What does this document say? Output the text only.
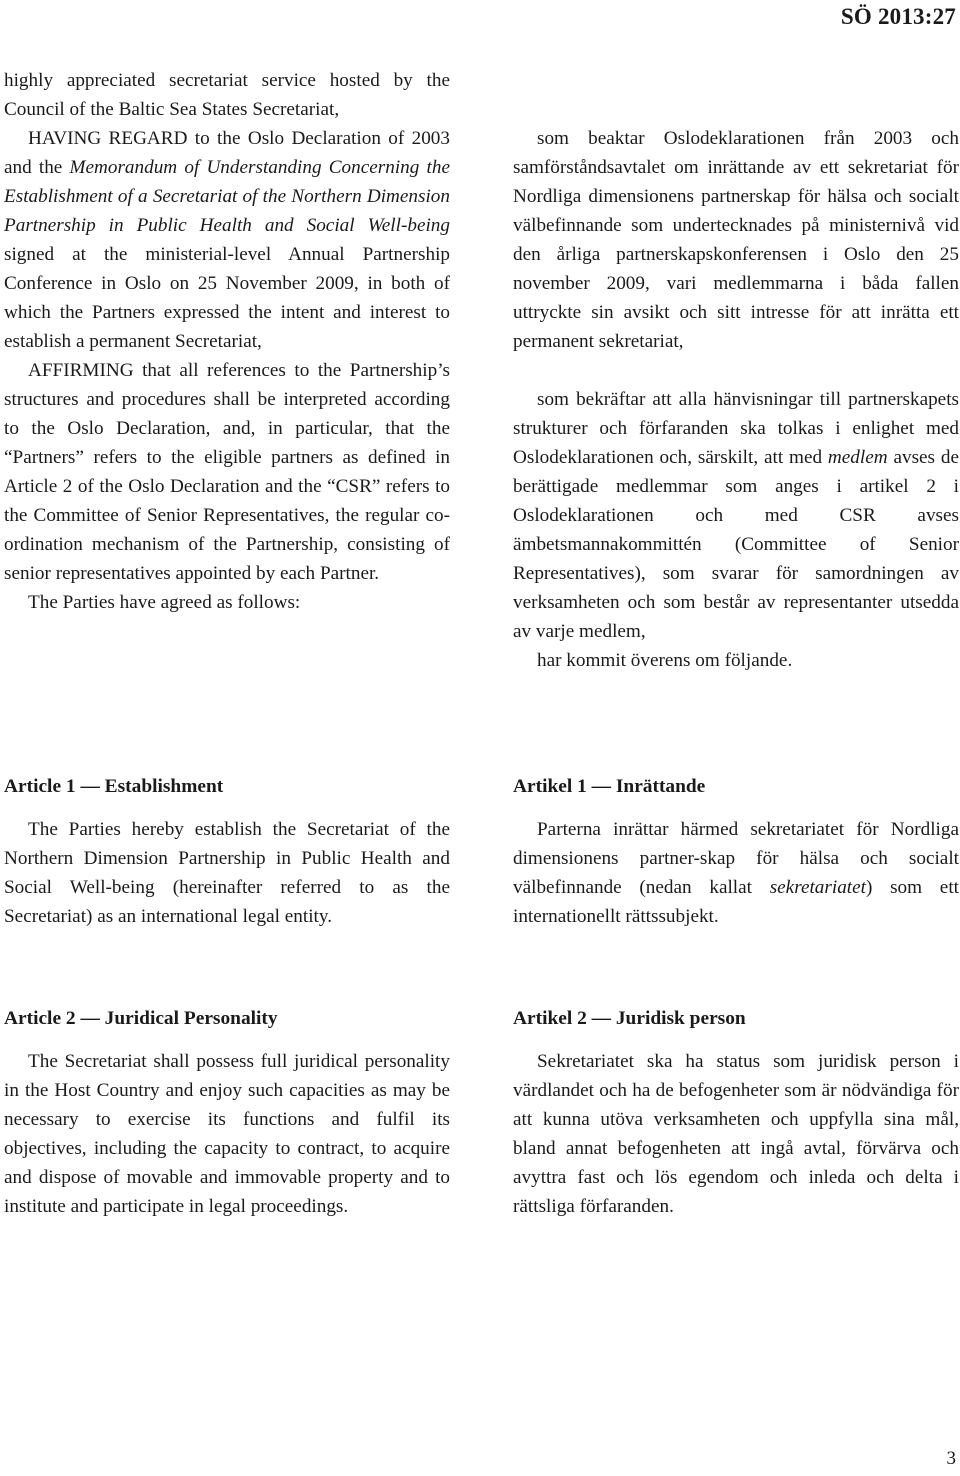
SÖ 2013:27

highly appreciated secretariat service hosted by the Council of the Baltic Sea States Secretariat,

HAVING REGARD to the Oslo Declaration of 2003 and the Memorandum of Understanding Concerning the Establishment of a Secretariat of the Northern Dimension Partnership in Public Health and Social Well-being signed at the ministerial-level Annual Partnership Conference in Oslo on 25 November 2009, in both of which the Partners expressed the intent and interest to establish a permanent Secretariat,

AFFIRMING that all references to the Partnership’s structures and procedures shall be interpreted according to the Oslo Declaration, and, in particular, that the “Partners” refers to the eligible partners as defined in Article 2 of the Oslo Declaration and the “CSR” refers to the Committee of Senior Representatives, the regular co-ordination mechanism of the Partnership, consisting of senior representatives appointed by each Partner.

The Parties have agreed as follows:

som beaktar Oslodeklarationen från 2003 och samförståndsavtalet om inrättande av ett sekretariat för Nordliga dimensionens partnerskap för hälsa och socialt välbefinnande som undertecknades på ministernivå vid den årliga partnerskapskonferensen i Oslo den 25 november 2009, vari medlemmarna i båda fallen uttryckte sin avsikt och sitt intresse för att inrätta ett permanent sekretariat,

som bekräftar att alla hänvisningar till partnerskapets strukturer och förfaranden ska tolkas i enlighet med Oslodeklarationen och, särskilt, att med medlem avses de berättigade medlemmar som anges i artikel 2 i Oslodeklarationen och med CSR avses ämbetsmannakommittén (Committee of Senior Representatives), som svarar för samordningen av verksamheten och som består av representanter utsedda av varje medlem,

har kommit överens om följande.

Article 1 — Establishment

The Parties hereby establish the Secretariat of the Northern Dimension Partnership in Public Health and Social Well-being (hereinafter referred to as the Secretariat) as an international legal entity.

Artikel 1 — Inrättande

Parterna inrättar härmed sekretariatet för Nordliga dimensionens partner-skap för hälsa och socialt välbefinnande (nedan kallat sekretariatet) som ett internationellt rättssubjekt.

Article 2 — Juridical Personality

The Secretariat shall possess full juridical personality in the Host Country and enjoy such capacities as may be necessary to exercise its functions and fulfil its objectives, including the capacity to contract, to acquire and dispose of movable and immovable property and to institute and participate in legal proceedings.

Artikel 2 — Juridisk person

Sekretariatet ska ha status som juridisk person i värdlandet och ha de befogenheter som är nödvändiga för att kunna utöva verksamheten och uppfylla sina mål, bland annat befogenheten att ingå avtal, förvärva och avyttra fast och lös egendom och inleda och delta i rättsliga förfaranden.

3
